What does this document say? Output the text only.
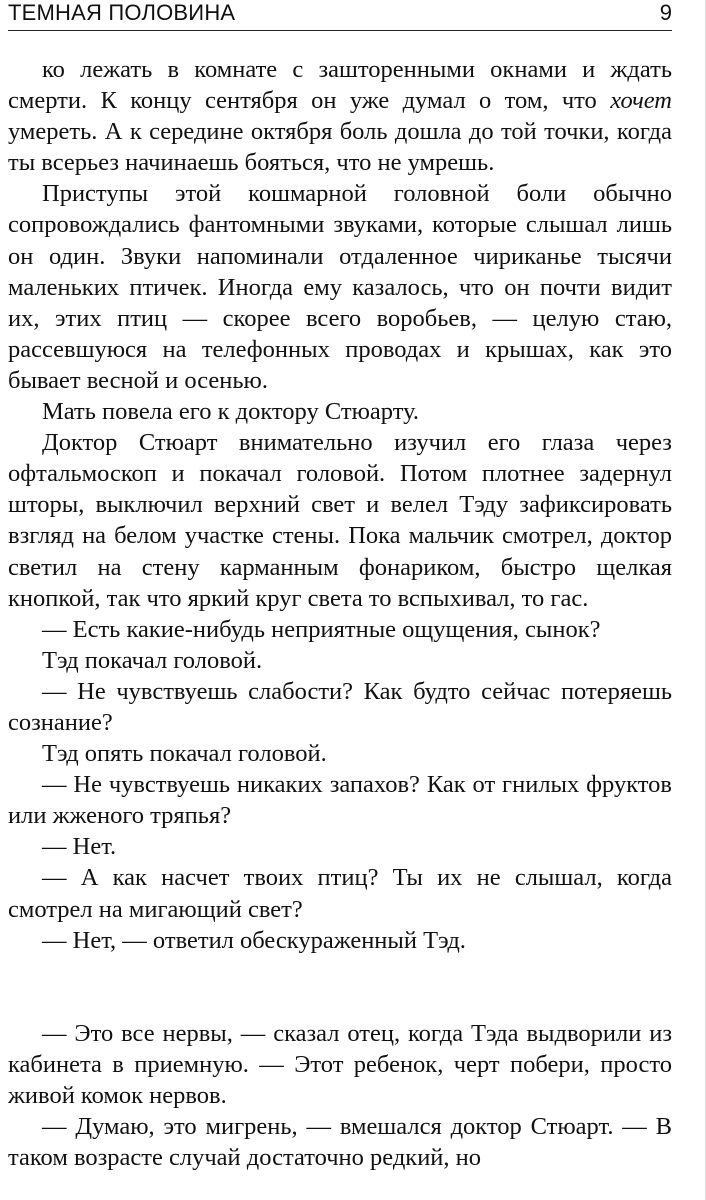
ТЕМНАЯ ПОЛОВИНА	9

ко лежать в комнате с зашторенными окнами и ждать смерти. К концу сентября он уже думал о том, что хочет умереть. А к середине октября боль дошла до той точки, когда ты всерьез начинаешь бояться, что не умрешь.

Приступы этой кошмарной головной боли обычно сопровождались фантомными звуками, которые слышал лишь он один. Звуки напоминали отдаленное чириканье тысячи маленьких птичек. Иногда ему казалось, что он почти видит их, этих птиц — скорее всего воробьев, — целую стаю, рассевшуюся на телефонных проводах и крышах, как это бывает весной и осенью.

Мать повела его к доктору Стюарту.

Доктор Стюарт внимательно изучил его глаза через офтальмоскоп и покачал головой. Потом плотнее задернул шторы, выключил верхний свет и велел Тэду зафиксировать взгляд на белом участке стены. Пока мальчик смотрел, доктор светил на стену карманным фонариком, быстро щелкая кнопкой, так что яркий круг света то вспыхивал, то гас.

— Есть какие-нибудь неприятные ощущения, сынок?

Тэд покачал головой.

— Не чувствуешь слабости? Как будто сейчас потеряешь сознание?

Тэд опять покачал головой.

— Не чувствуешь никаких запахов? Как от гнилых фруктов или жженого тряпья?

— Нет.

— А как насчет твоих птиц? Ты их не слышал, когда смотрел на мигающий свет?

— Нет, — ответил обескураженный Тэд.

— Это все нервы, — сказал отец, когда Тэда выдворили из кабинета в приемную. — Этот ребенок, черт побери, просто живой комок нервов.

— Думаю, это мигрень, — вмешался доктор Стюарт. — В таком возрасте случай достаточно редкий, но
